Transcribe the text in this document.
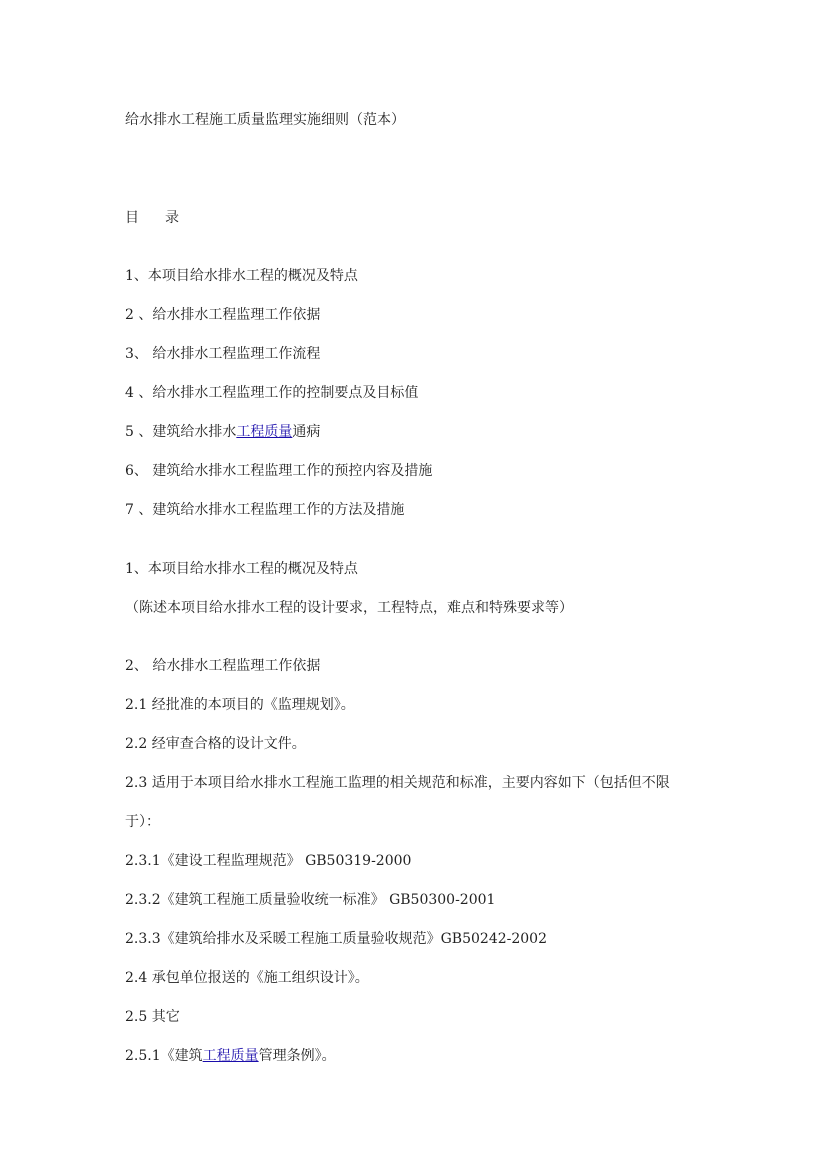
给水排水工程施工质量监理实施细则（范本）
目 录
1、本项目给水排水工程的概况及特点
2 、给水排水工程监理工作依据
3、 给水排水工程监理工作流程
4 、给水排水工程监理工作的控制要点及目标值
5 、建筑给水排水工程质量通病
6、 建筑给水排水工程监理工作的预控内容及措施
7 、建筑给水排水工程监理工作的方法及措施
1、本项目给水排水工程的概况及特点
（陈述本项目给水排水工程的设计要求，工程特点，难点和特殊要求等）
2、 给水排水工程监理工作依据
2.1 经批准的本项目的《监理规划》。
2.2 经审查合格的设计文件。
2.3 适用于本项目给水排水工程施工监理的相关规范和标准，主要内容如下（包括但不限
于）：
2.3.1《建设工程监理规范》 GB50319-2000
2.3.2《建筑工程施工质量验收统一标准》 GB50300-2001
2.3.3《建筑给排水及采暖工程施工质量验收规范》GB50242-2002
2.4 承包单位报送的《施工组织设计》。
2.5 其它
2.5.1《建筑工程质量管理条例》。
